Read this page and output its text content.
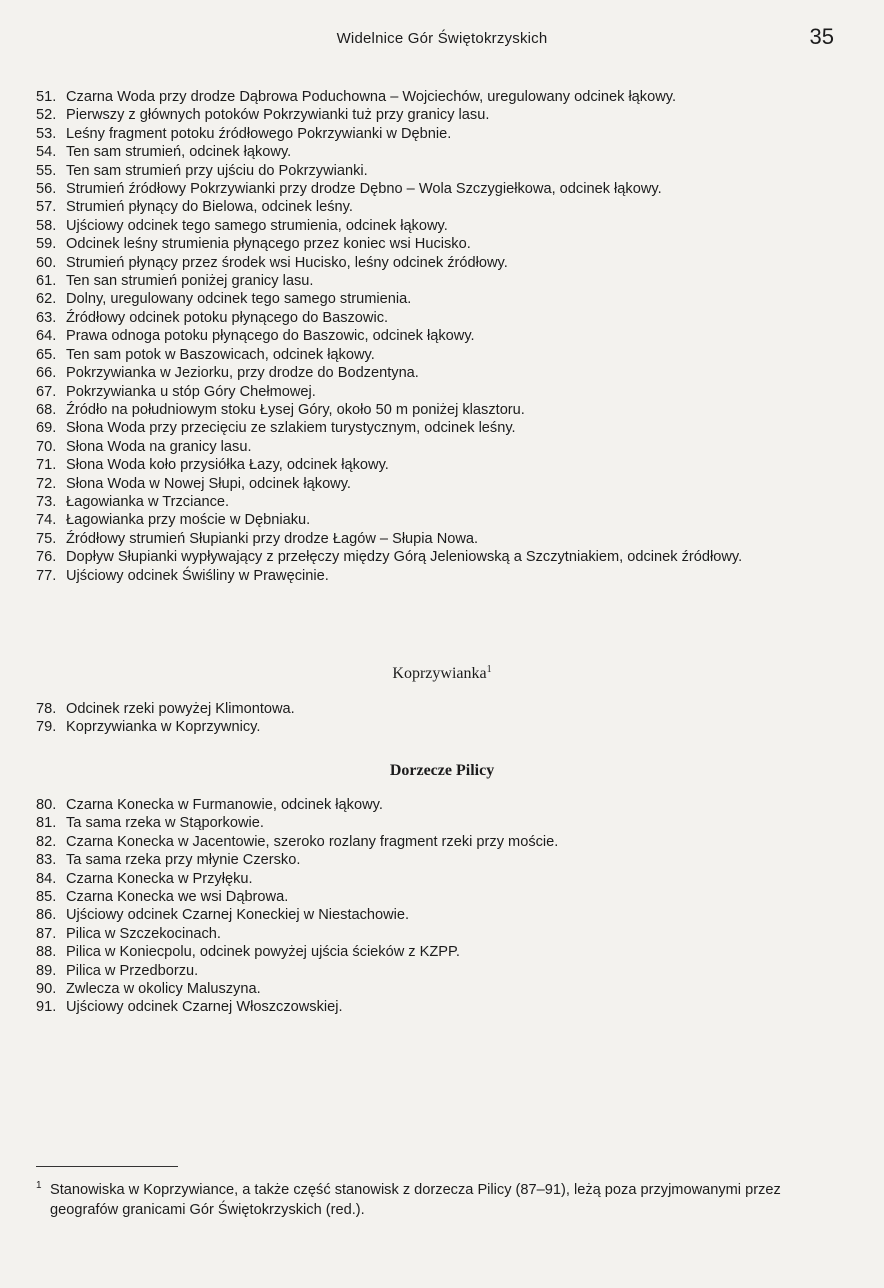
Widelnice Gór Świętokrzyskich	35
51. Czarna Woda przy drodze Dąbrowa Poduchowna – Wojciechów, uregulowany odcinek łąkowy.
52. Pierwszy z głównych potoków Pokrzywianki tuż przy granicy lasu.
53. Leśny fragment potoku źródłowego Pokrzywianki w Dębnie.
54. Ten sam strumień, odcinek łąkowy.
55. Ten sam strumień przy ujściu do Pokrzywianki.
56. Strumień źródłowy Pokrzywianki przy drodze Dębno – Wola Szczygiełkowa, odcinek łąkowy.
57. Strumień płynący do Bielowa, odcinek leśny.
58. Ujściowy odcinek tego samego strumienia, odcinek łąkowy.
59. Odcinek leśny strumienia płynącego przez koniec wsi Hucisko.
60. Strumień płynący przez środek wsi Hucisko, leśny odcinek źródłowy.
61. Ten san strumień poniżej granicy lasu.
62. Dolny, uregulowany odcinek tego samego strumienia.
63. Źródłowy odcinek potoku płynącego do Baszowic.
64. Prawa odnoga potoku płynącego do Baszowic, odcinek łąkowy.
65. Ten sam potok w Baszowicach, odcinek łąkowy.
66. Pokrzywianka w Jeziorku, przy drodze do Bodzentyna.
67. Pokrzywianka u stóp Góry Chełmowej.
68. Źródło na południowym stoku Łysej Góry, około 50 m poniżej klasztoru.
69. Słona Woda przy przecięciu ze szlakiem turystycznym, odcinek leśny.
70. Słona Woda na granicy lasu.
71. Słona Woda koło przysiółka Łazy, odcinek łąkowy.
72. Słona Woda w Nowej Słupi, odcinek łąkowy.
73. Łagowianka w Trzciance.
74. Łagowianka przy moście w Dębniaku.
75. Źródłowy strumień Słupianki przy drodze Łagów – Słupia Nowa.
76. Dopływ Słupianki wypływający z przełęczy między Górą Jeleniowską a Szczytniakiem, odcinek źródłowy.
77. Ujściowy odcinek Świśliny w Prawęcinie.
Koprzywianka$^1$
78. Odcinek rzeki powyżej Klimontowa.
79. Koprzywianka w Koprzywnicy.
Dorzecze Pilicy
80. Czarna Konecka w Furmanowie, odcinek łąkowy.
81. Ta sama rzeka w Stąporkowie.
82. Czarna Konecka w Jacentowie, szeroko rozlany fragment rzeki przy moście.
83. Ta sama rzeka przy młynie Czersko.
84. Czarna Konecka w Przyłęku.
85. Czarna Konecka we wsi Dąbrowa.
86. Ujściowy odcinek Czarnej Koneckiej w Niestachowie.
87. Pilica w Szczekocinach.
88. Pilica w Koniecpolu, odcinek powyżej ujścia ścieków z KZPP.
89. Pilica w Przedborzu.
90. Zwlecza w okolicy Maluszyna.
91. Ujściowy odcinek Czarnej Włoszczowskiej.
1 Stanowiska w Koprzywiance, a także część stanowisk z dorzecza Pilicy (87–91), leżą poza przyjmowanymi przez geografów granicami Gór Świętokrzyskich (red.).
